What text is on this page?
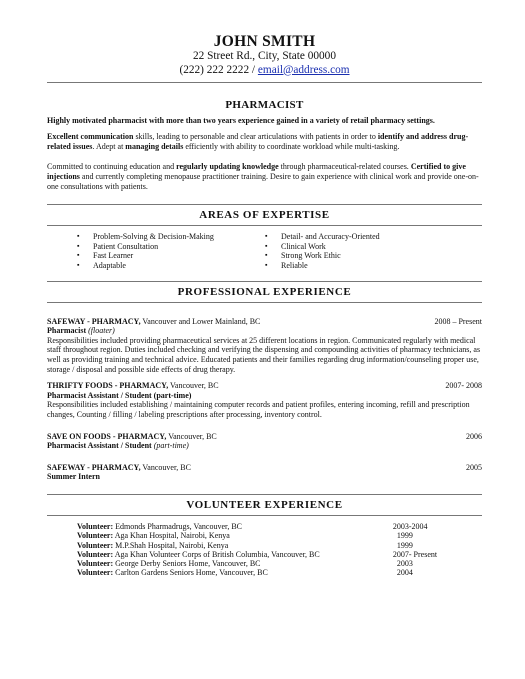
JOHN SMITH
22 Street Rd., City, State 00000
(222) 222 2222 / email@address.com
PHARMACIST

Highly motivated pharmacist with more than two years experience gained in a variety of retail pharmacy settings.

Excellent communication skills, leading to personable and clear articulations with patients in order to identify and address drug-related issues. Adept at managing details efficiently with ability to coordinate workload while multi-tasking.

Committed to continuing education and regularly updating knowledge through pharmaceutical-related courses. Certified to give injections and currently completing menopause practitioner training. Desire to gain experience with clinical work and provide one-on-one consultations with patients.

AREAS OF EXPERTISE
▪ Problem-Solving & Decision-Making
▪ Patient Consultation
▪ Fast Learner
▪ Adaptable
▪ Detail- and Accuracy-Oriented
▪ Clinical Work
▪ Strong Work Ethic
▪ Reliable
PROFESSIONAL EXPERIENCE
SAFEWAY - PHARMACY, Vancouver and Lower Mainland, BC	2008 – Present
Pharmacist (floater)
Responsibilities included providing pharmaceutical services at 25 different locations in region. Communicated regularly with medical staff throughout region. Duties included checking and verifying the dispensing and compounding activities of pharmacy technicians, as well as providing training and technical advice. Educated patients and their families regarding drug information/counseling proper use, storage / disposal and possible side effects of drug therapy.
THRIFTY FOODS - PHARMACY, Vancouver, BC	2007- 2008
Pharmacist Assistant / Student (part-time)
Responsibilities included establishing / maintaining computer records and patient profiles, entering incoming, refill and prescription changes, Counting / filling / labeling prescriptions after processing, inventory control.
SAVE ON FOODS - PHARMACY, Vancouver, BC	2006
Pharmacist Assistant / Student (part-time)
SAFEWAY - PHARMACY, Vancouver, BC	2005
Summer Intern
VOLUNTEER EXPERIENCE
Volunteer: Edmonds Pharmadrugs, Vancouver, BC	2003-2004
Volunteer: Aga Khan Hospital, Nairobi, Kenya	1999
Volunteer: M.P.Shah Hospital, Nairobi, Kenya	1999
Volunteer: Aga Khan Volunteer Corps of British Columbia, Vancouver, BC	2007- Present
Volunteer: George Derby Seniors Home, Vancouver, BC	2003
Volunteer: Carlton Gardens Seniors Home, Vancouver, BC	2004
